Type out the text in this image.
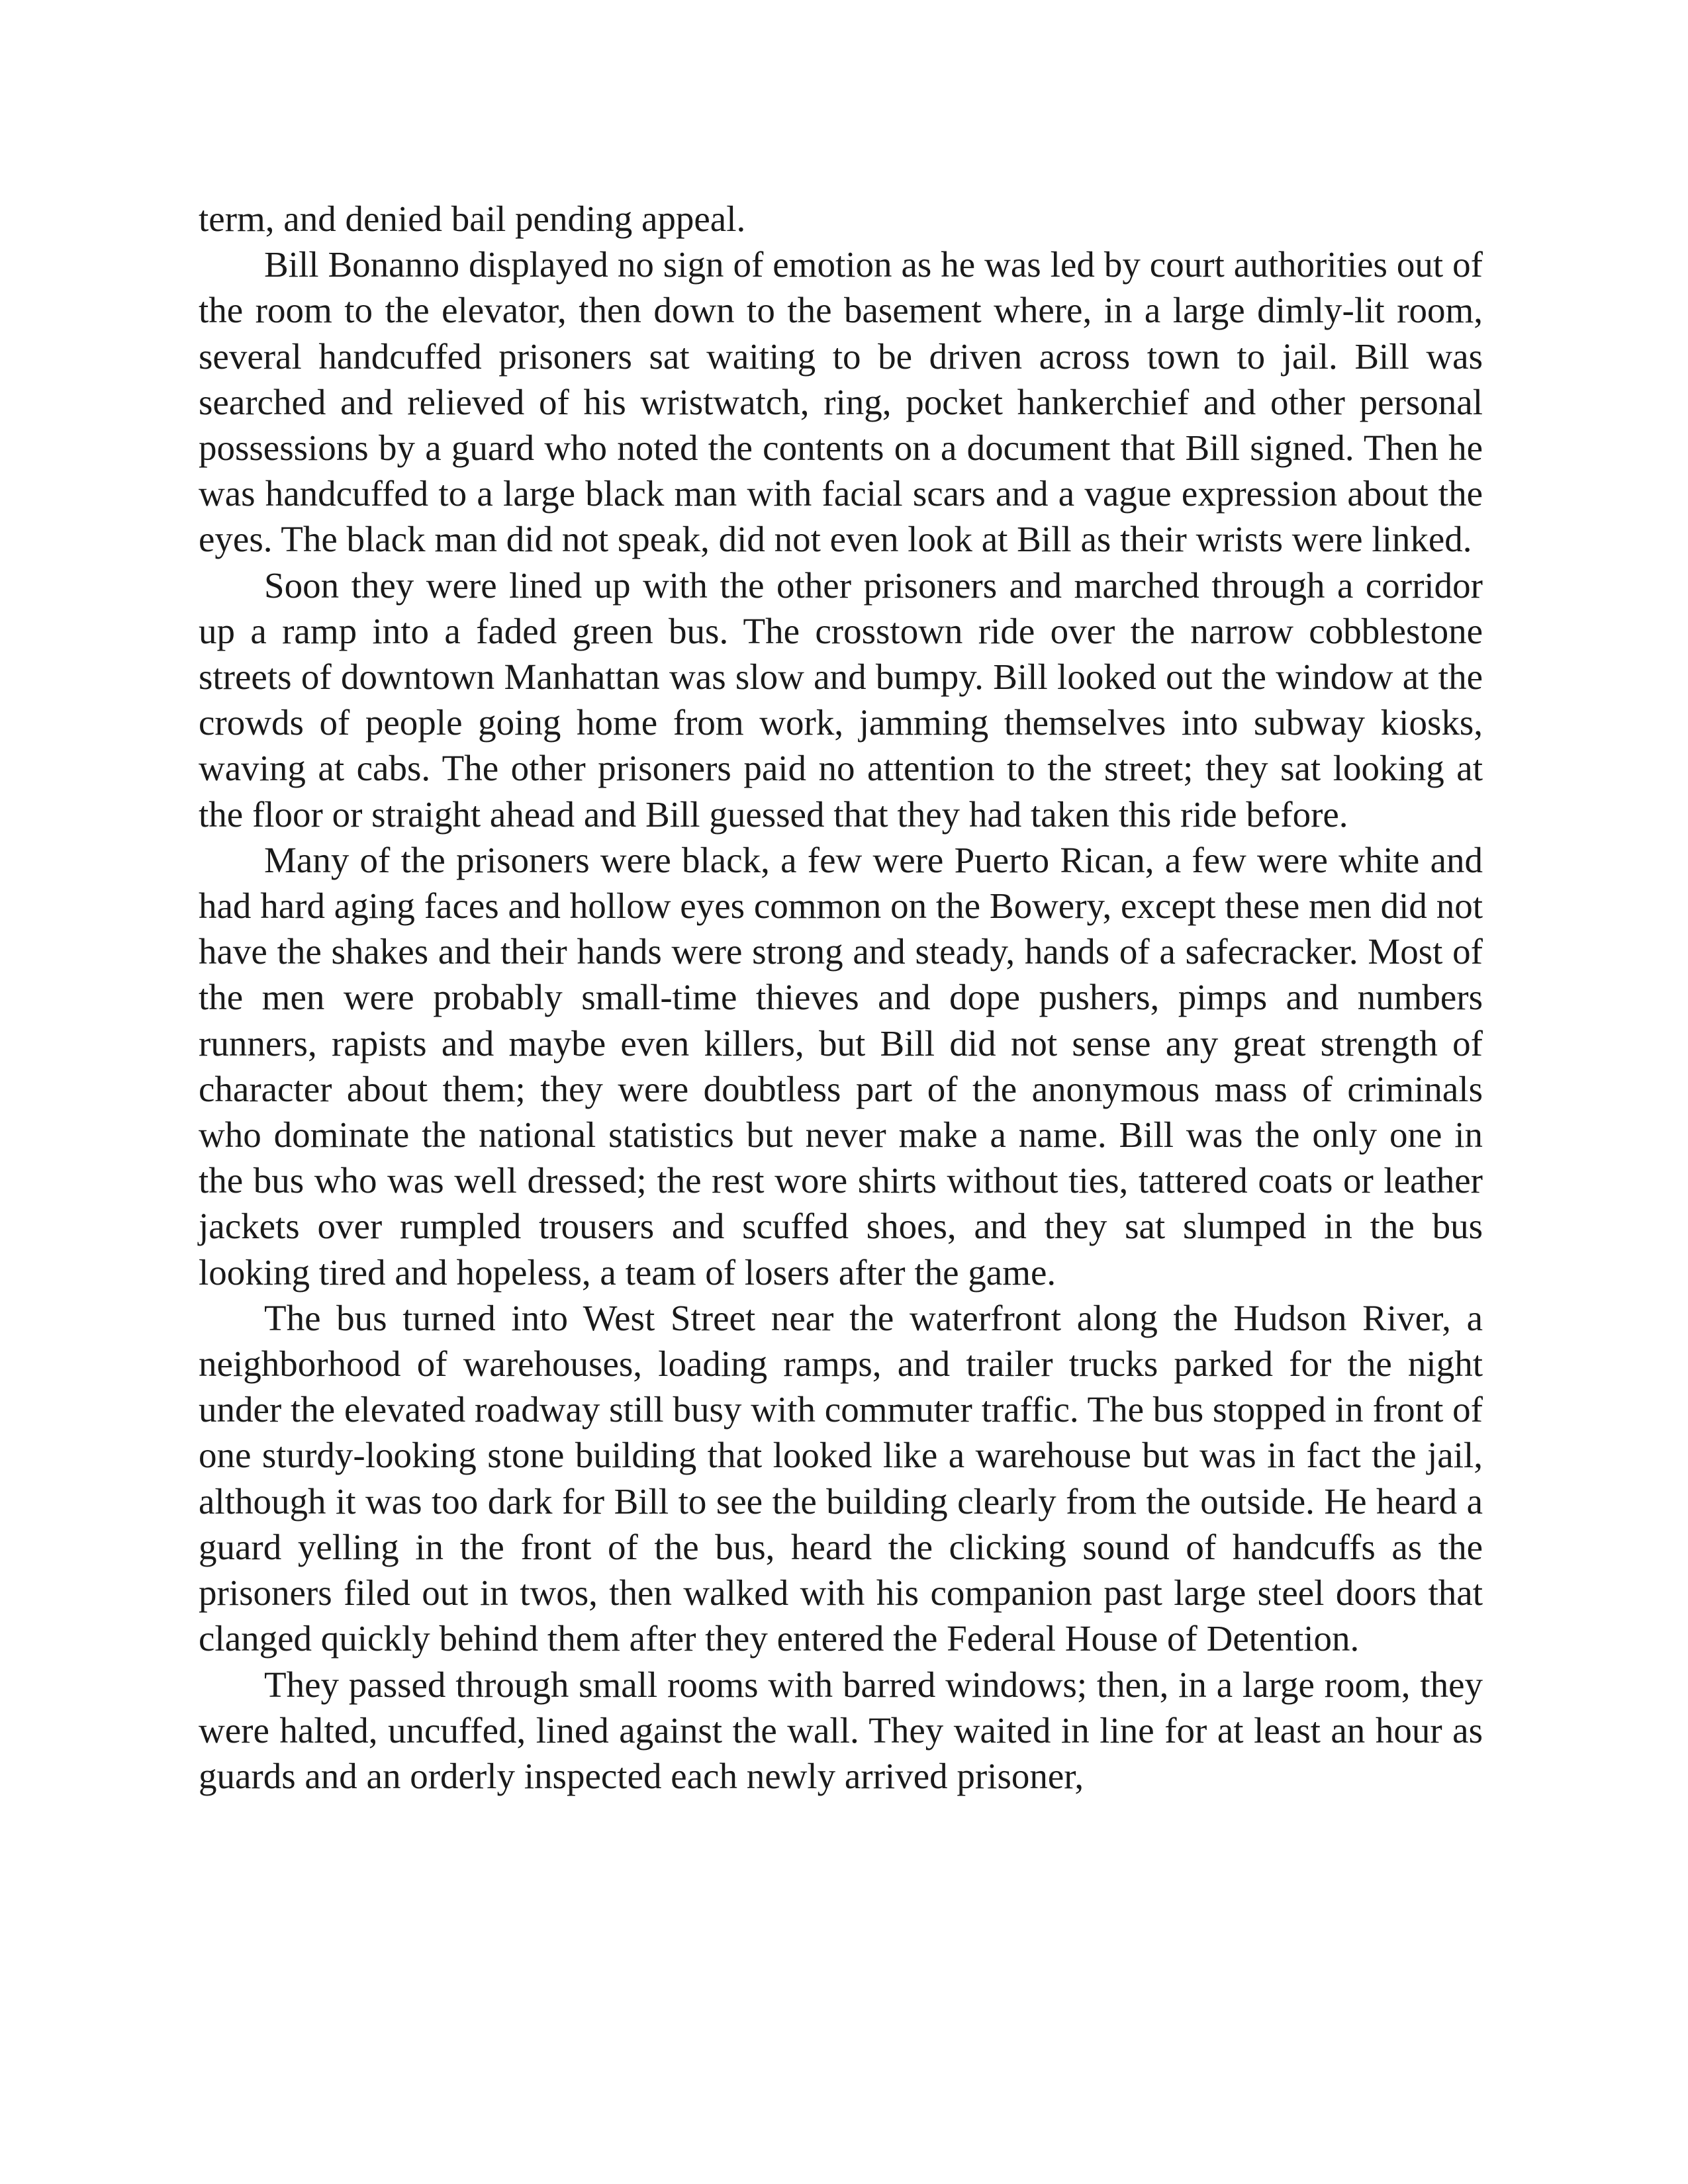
term, and denied bail pending appeal.

Bill Bonanno displayed no sign of emotion as he was led by court authorities out of the room to the elevator, then down to the basement where, in a large dimly-lit room, several handcuffed prisoners sat waiting to be driven across town to jail. Bill was searched and relieved of his wristwatch, ring, pocket hankerchief and other personal possessions by a guard who noted the contents on a document that Bill signed. Then he was handcuffed to a large black man with facial scars and a vague expression about the eyes. The black man did not speak, did not even look at Bill as their wrists were linked.

Soon they were lined up with the other prisoners and marched through a corridor up a ramp into a faded green bus. The crosstown ride over the narrow cobblestone streets of downtown Manhattan was slow and bumpy. Bill looked out the window at the crowds of people going home from work, jamming themselves into subway kiosks, waving at cabs. The other prisoners paid no attention to the street; they sat looking at the floor or straight ahead and Bill guessed that they had taken this ride before.

Many of the prisoners were black, a few were Puerto Rican, a few were white and had hard aging faces and hollow eyes common on the Bowery, except these men did not have the shakes and their hands were strong and steady, hands of a safecracker. Most of the men were probably small-time thieves and dope pushers, pimps and numbers runners, rapists and maybe even killers, but Bill did not sense any great strength of character about them; they were doubtless part of the anonymous mass of criminals who dominate the national statistics but never make a name. Bill was the only one in the bus who was well dressed; the rest wore shirts without ties, tattered coats or leather jackets over rumpled trousers and scuffed shoes, and they sat slumped in the bus looking tired and hopeless, a team of losers after the game.

The bus turned into West Street near the waterfront along the Hudson River, a neighborhood of warehouses, loading ramps, and trailer trucks parked for the night under the elevated roadway still busy with commuter traffic. The bus stopped in front of one sturdy-looking stone building that looked like a warehouse but was in fact the jail, although it was too dark for Bill to see the building clearly from the outside. He heard a guard yelling in the front of the bus, heard the clicking sound of handcuffs as the prisoners filed out in twos, then walked with his companion past large steel doors that clanged quickly behind them after they entered the Federal House of Detention.

They passed through small rooms with barred windows; then, in a large room, they were halted, uncuffed, lined against the wall. They waited in line for at least an hour as guards and an orderly inspected each newly arrived prisoner,
